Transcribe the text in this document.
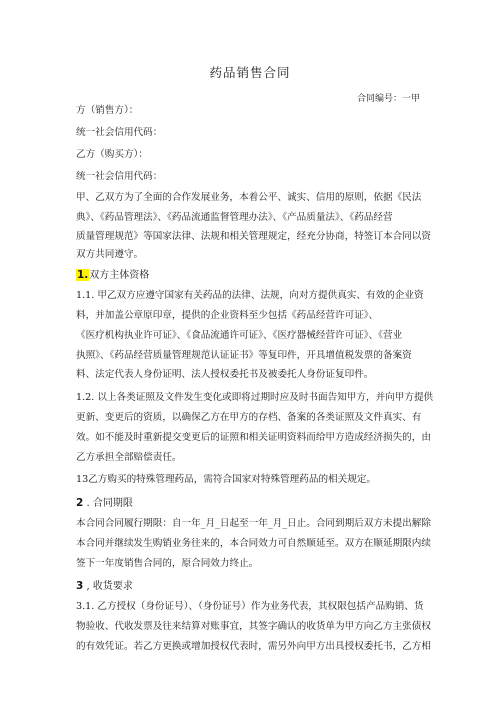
药品销售合同
合同编号：一甲
方（销售方）：
统一社会信用代码：
乙方（购买方）：
统一社会信用代码：
甲、乙双方为了全面的合作发展业务，本着公平、诚实、信用的原则，依据《民法
典》、《药品管理法》、《药品流通监督管理办法》、《产品质量法》、《药品经营
质量管理规范》等国家法律、法规和相关管理规定，经充分协商，特签订本合同以资
双方共同遵守。
1.双方主体资格
1.1. 甲乙双方应遵守国家有关药品的法律、法规，向对方提供真实、有效的企业资
料，并加盖公章原印章，提供的企业资料至少包括《药品经营许可证》、
《医疗机构执业许可证》、《食品流通许可证》、《医疗器械经营许可证》、《营业
执照》、《药品经营质量管理规范认证证书》等复印件，开具增值税发票的备案资
料、法定代表人身份证明、法人授权委托书及被委托人身份证复印件。
1.2. 以上各类证照及文件发生变化或即将过期时应及时书面告知甲方，并向甲方提供
更新、变更后的资质，以确保乙方在甲方的存档、备案的各类证照及文件真实、有
效。如不能及时重新提交变更后的证照和相关证明资料而给甲方造成经济损失的，由
乙方承担全部赔偿责任。
13乙方购买的特殊管理药品，需符合国家对特殊管理药品的相关规定。
2 . 合同期限
本合同合同履行期限：自一年_月_日起至一年_月_日止。合同到期后双方未提出解除
本合同并继续发生购销业务往来的，本合同效力可自然顺延至。双方在顺延期限内续
签下一年度销售合同的，原合同效力终止。
3 , 收货要求
3.1. 乙方授权（身份证号）、（身份证号）作为业务代表，其权限包括产品购销、货
物验收、代收发票及往来结算对账事宜，其签字确认的收货单为甲方向乙方主张债权
的有效凭证。若乙方更换或增加授权代表时，需另外向甲方出具授权委托书，乙方相
